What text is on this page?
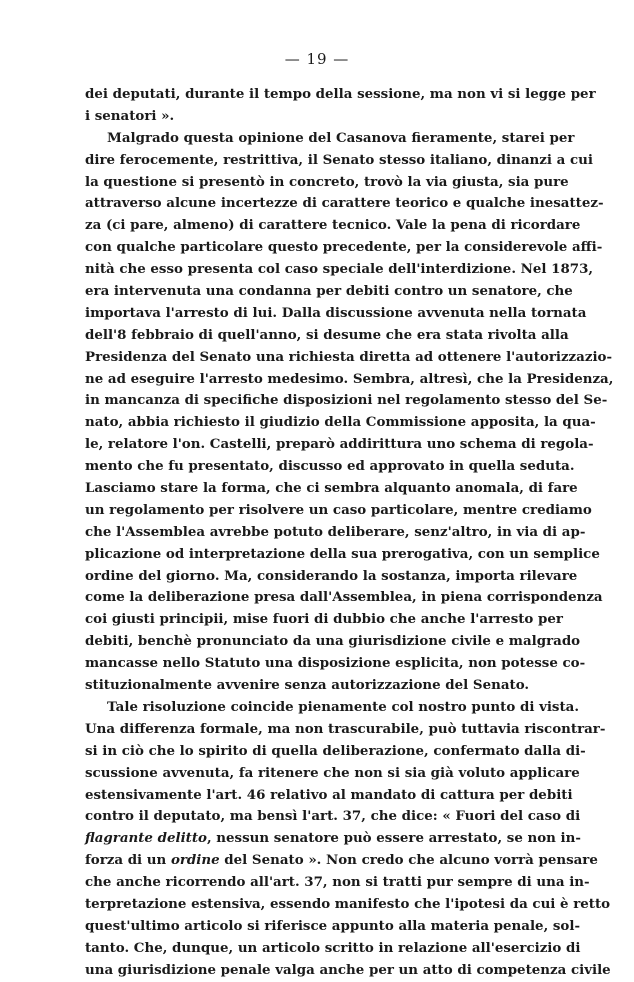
— 19 —
dei deputati, durante il tempo della sessione, ma non vi si legge per
i senatori ».
Malgrado questa opinione del Casanova fieramente, starei per
dire ferocemente, restrittiva, il Senato stesso italiano, dinanzi a cui
la questione si presentò in concreto, trovò la via giusta, sia pure
attraverso alcune incertezze di carattere teorico e qualche inesattez-
za (ci pare, almeno) di carattere tecnico. Vale la pena di ricordare
con qualche particolare questo precedente, per la considerevole affi-
nità che esso presenta col caso speciale dell'interdizione. Nel 1873,
era intervenuta una condanna per debiti contro un senatore, che
importava l'arresto di lui. Dalla discussione avvenuta nella tornata
dell'8 febbraio di quell'anno, si desume che era stata rivolta alla
Presidenza del Senato una richiesta diretta ad ottenere l'autorizzazio-
ne ad eseguire l'arresto medesimo. Sembra, altresì, che la Presidenza,
in mancanza di specifiche disposizioni nel regolamento stesso del Se-
nato, abbia richiesto il giudizio della Commissione apposita, la qua-
le, relatore l'on. Castelli, preparò addirittura uno schema di regola-
mento che fu presentato, discusso ed approvato in quella seduta.
Lasciamo stare la forma, che ci sembra alquanto anomala, di fare
un regolamento per risolvere un caso particolare, mentre crediamo
che l'Assemblea avrebbe potuto deliberare, senz'altro, in via di ap-
plicazione od interpretazione della sua prerogativa, con un semplice
ordine del giorno. Ma, considerando la sostanza, importa rilevare
come la deliberazione presa dall'Assemblea, in piena corrispondenza
coi giusti principii, mise fuori di dubbio che anche l'arresto per
debiti, benchè pronunciato da una giurisdizione civile e malgrado
mancasse nello Statuto una disposizione esplicita, non potesse co-
stituzionalmente avvenire senza autorizzazione del Senato.
Tale risoluzione coincide pienamente col nostro punto di vista.
Una differenza formale, ma non trascurabile, può tuttavia riscontrar-
si in ciò che lo spirito di quella deliberazione, confermato dalla di-
scussione avvenuta, fa ritenere che non si sia già voluto applicare
estensivamente l'art. 46 relativo al mandato di cattura per debiti
contro il deputato, ma bensì l'art. 37, che dice: « Fuori del caso di
flagrante delitto, nessun senatore può essere arrestato, se non in-
forza di un ordine del Senato ». Non credo che alcuno vorrà pensare
che anche ricorrendo all'art. 37, non si tratti pur sempre di una in-
terpretazione estensiva, essendo manifesto che l'ipotesi da cui è retto
quest'ultimo articolo si riferisce appunto alla materia penale, sol-
tanto. Che, dunque, un articolo scritto in relazione all'esercizio di
una giurisdizione penale valga anche per un atto di competenza civile
